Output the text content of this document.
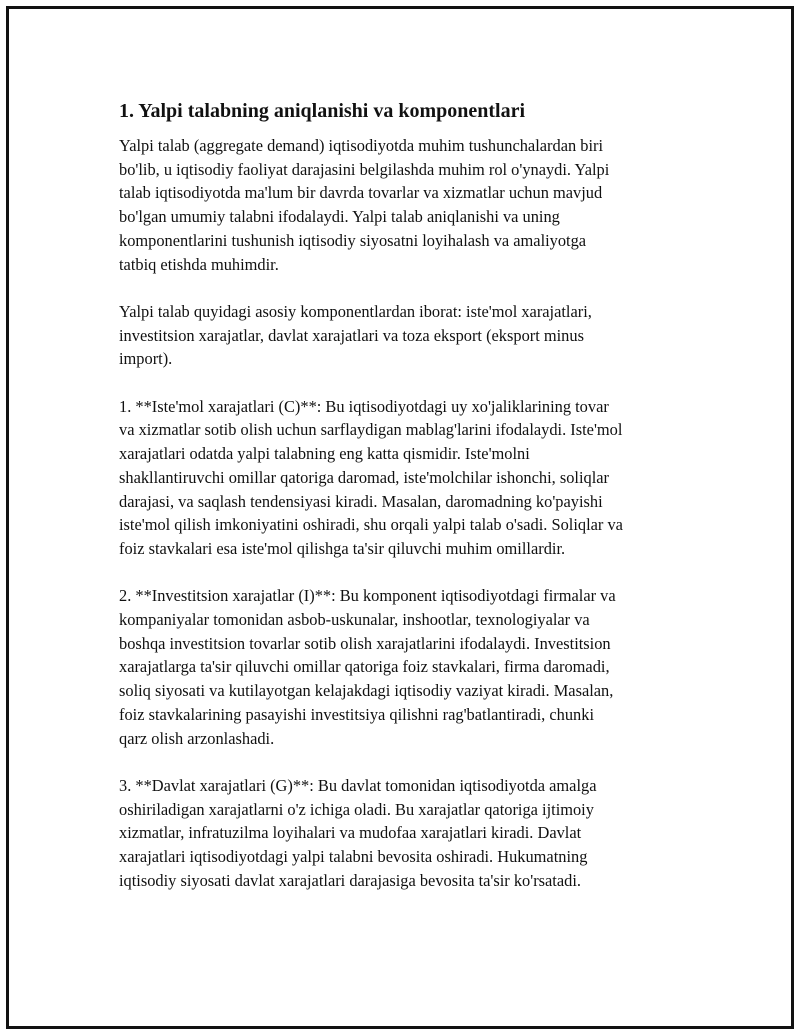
1. Yalpi talabning aniqlanishi va komponentlari

Yalpi talab (aggregate demand) iqtisodiyotda muhim tushunchalardan biri
bo'lib, u iqtisodiy faoliyat darajasini belgilashda muhim rol o'ynaydi. Yalpi
talab iqtisodiyotda ma'lum bir davrda tovarlar va xizmatlar uchun mavjud
bo'lgan umumiy talabni ifodalaydi. Yalpi talab aniqlanishi va uning
komponentlarini tushunish iqtisodiy siyosatni loyihalash va amaliyotga
tatbiq etishda muhimdir.

Yalpi talab quyidagi asosiy komponentlardan iborat: iste'mol xarajatlari,
investitsion xarajatlar, davlat xarajatlari va toza eksport (eksport minus
import).

1. **Iste'mol xarajatlari (C)**: Bu iqtisodiyotdagi uy xo'jaliklarining tovar
va xizmatlar sotib olish uchun sarflaydigan mablag'larini ifodalaydi. Iste'mol
xarajatlari odatda yalpi talabning eng katta qismidir. Iste'molni
shakllantiruvchi omillar qatoriga daromad, iste'molchilar ishonchi, soliqlar
darajasi, va saqlash tendensiyasi kiradi. Masalan, daromadning ko'payishi
iste'mol qilish imkoniyatini oshiradi, shu orqali yalpi talab o'sadi. Soliqlar va
foiz stavkalari esa iste'mol qilishga ta'sir qiluvchi muhim omillardir.

2. **Investitsion xarajatlar (I)**: Bu komponent iqtisodiyotdagi firmalar va
kompaniyalar tomonidan asbob-uskunalar, inshootlar, texnologiyalar va
boshqa investitsion tovarlar sotib olish xarajatlarini ifodalaydi. Investitsion
xarajatlarga ta'sir qiluvchi omillar qatoriga foiz stavkalari, firma daromadi,
soliq siyosati va kutilayotgan kelajakdagi iqtisodiy vaziyat kiradi. Masalan,
foiz stavkalarining pasayishi investitsiya qilishni rag'batlantiradi, chunki
qarz olish arzonlashadi.

3. **Davlat xarajatlari (G)**: Bu davlat tomonidan iqtisodiyotda amalga
oshiriladigan xarajatlarni o'z ichiga oladi. Bu xarajatlar qatoriga ijtimoiy
xizmatlar, infratuzilma loyihalari va mudofaa xarajatlari kiradi. Davlat
xarajatlari iqtisodiyotdagi yalpi talabni bevosita oshiradi. Hukumatning
iqtisodiy siyosati davlat xarajatlari darajasiga bevosita ta'sir ko'rsatadi.
